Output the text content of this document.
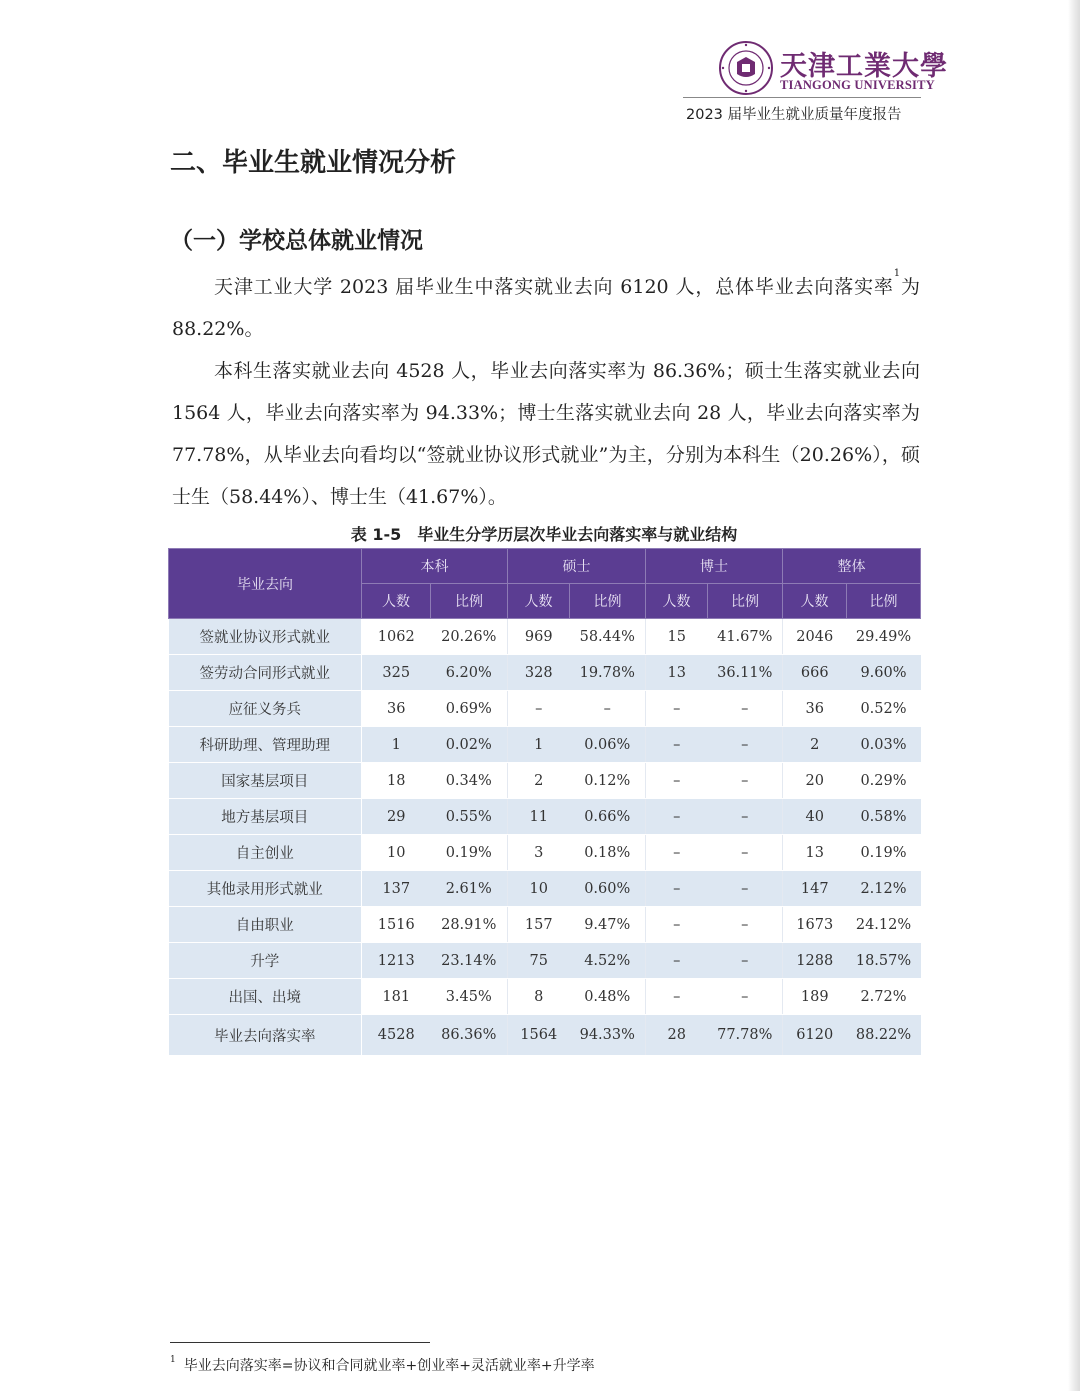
天津工業大學
TIANGONG UNIVERSITY
2023 届毕业生就业质量年度报告
二、毕业生就业情况分析
（一）学校总体就业情况
天津工业大学 2023 届毕业生中落实就业去向 6120 人，总体毕业去向落实率$^1$为 88.22%。
本科生落实就业去向 4528 人，毕业去向落实率为 86.36%；硕士生落实就业去向 1564 人，毕业去向落实率为 94.33%；博士生落实就业去向 28 人，毕业去向落实率为 77.78%，从毕业去向看均以“签就业协议形式就业”为主，分别为本科生（20.26%），硕士生（58.44%）、博士生（41.67%）。
表 1-5　毕业生分学历层次毕业去向落实率与就业结构
毕业去向	本科		硕士		博士		整体	
	人数	比例	人数	比例	人数	比例	人数	比例
签就业协议形式就业	1062	20.26%	969	58.44%	15	41.67%	2046	29.49%
签劳动合同形式就业	325	6.20%	328	19.78%	13	36.11%	666	9.60%
应征义务兵	36	0.69%	–	–	–	–	36	0.52%
科研助理、管理助理	1	0.02%	1	0.06%	–	–	2	0.03%
国家基层项目	18	0.34%	2	0.12%	–	–	20	0.29%
地方基层项目	29	0.55%	11	0.66%	–	–	40	0.58%
自主创业	10	0.19%	3	0.18%	–	–	13	0.19%
其他录用形式就业	137	2.61%	10	0.60%	–	–	147	2.12%
自由职业	1516	28.91%	157	9.47%	–	–	1673	24.12%
升学	1213	23.14%	75	4.52%	–	–	1288	18.57%
出国、出境	181	3.45%	8	0.48%	–	–	189	2.72%
毕业去向落实率	4528	86.36%	1564	94.33%	28	77.78%	6120	88.22%
$^1$ 毕业去向落实率=协议和合同就业率+创业率+灵活就业率+升学率
